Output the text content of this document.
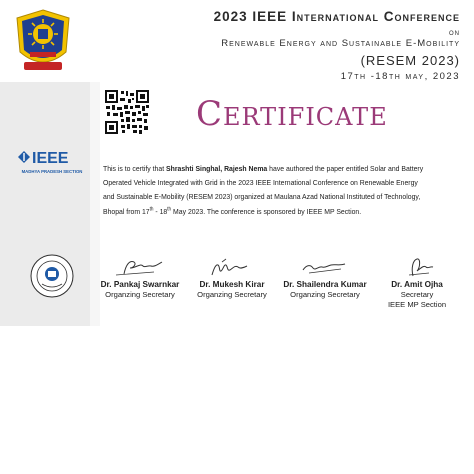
2023 IEEE International Conference
on
Renewable Energy and Sustainable E-Mobility
(RESEM 2023)
17th -18th may, 2023
Certificate
IEEE
MADHYA PRADESH SECTION	This is to certify that Shrashti Singhal, Rajesh Nema have authored the paper entitled Solar and Battery Operated Vehicle Integrated with Grid in the 2023 IEEE International Conference on Renewable Energy and Sustainable E-Mobility (RESEM 2023) organized at Maulana Azad National Instituted of Technology, Bhopal from 17th - 18th May 2023. The conference is sponsored by IEEE MP Section.
Dr. Pankaj Swarnkar
Organzing Secretary
Dr. Mukesh Kirar
Organzing Secretary
Dr. Shailendra Kumar
Organzing Secretary
Dr. Amit Ojha
Secretary
IEEE MP Section
